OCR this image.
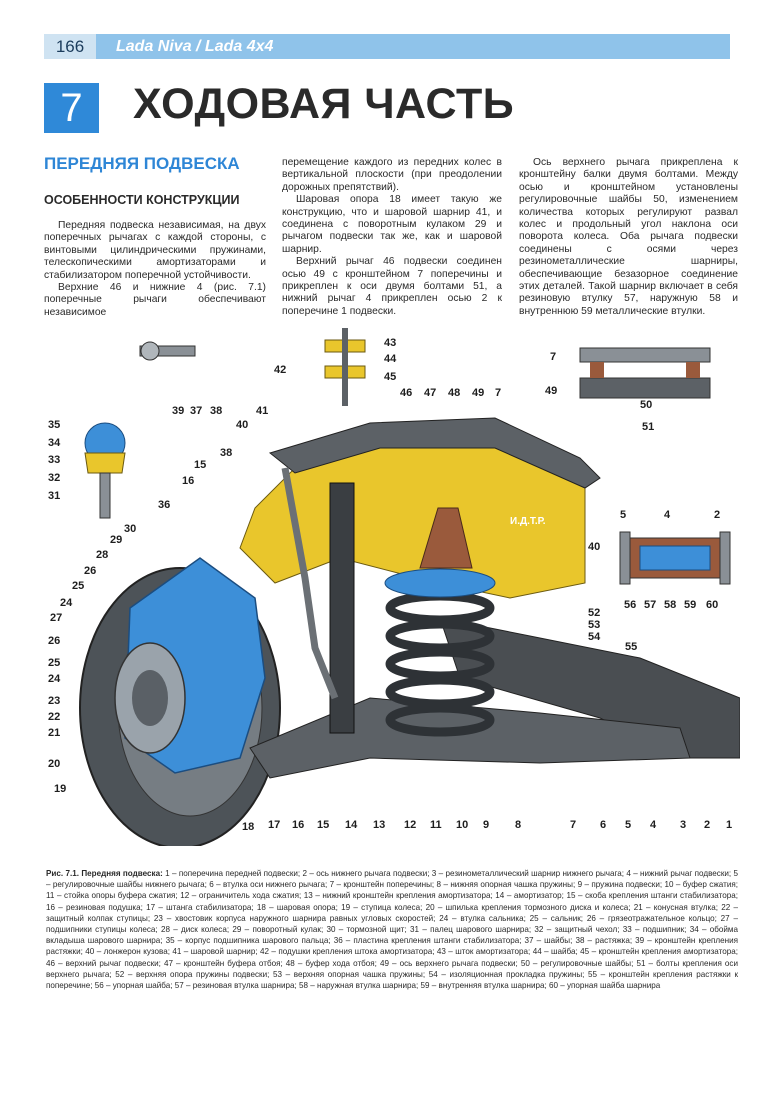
166	Lada Niva / Lada 4x4
7	ХОДОВАЯ ЧАСТЬ
ПЕРЕДНЯЯ ПОДВЕСКА
ОСОБЕННОСТИ КОНСТРУКЦИИ

Передняя подвеска независимая, на двух поперечных рычагах с каждой стороны, с винтовыми цилиндрическими пружинами, телескопическими амортизаторами и стабилизатором поперечной устойчивости.

Верхние 46 и нижние 4 (рис. 7.1) поперечные рычаги обеспечивают независимое

перемещение каждого из передних колес в вертикальной плоскости (при преодолении дорожных препятствий).

Шаровая опора 18 имеет такую же конструкцию, что и шаровой шарнир 41, и соединена с поворотным кулаком 29 и рычагом подвески так же, как и шаровой шарнир.

Верхний рычаг 46 подвески соединен осью 49 с кронштейном 7 поперечины и прикреплен к оси двумя болтами 51, а нижний рычаг 4 прикреплен осью 2 к поперечине 1 подвески.

Ось верхнего рычага прикреплена к кронштейну балки двумя болтами. Между осью и кронштейном установлены регулировочные шайбы 50, изменением количества которых регулируют развал колес и продольный угол наклона оси поворота колеса. Оба рычага подвески соединены с осями через резинометаллические шарниры, обеспечивающие безазорное соединение этих деталей. Такой шарнир включает в себя резиновую втулку 57, наружную 58 и внутреннюю 59 металлические втулки.

И.Д.Т.Р.
1
2
3
4
5
6
7
8
9
10
11
12
13
14
15
16
17
18
19
20
21
22
23
24
25
26
27
24
25
26
28
29
30
31
32
33
34
35
36
37 38
38
39
40
40
41
42
43
44
45
46 47 48 49	49
7
7
50
51
52
53
54
55
56 57 58 59 60
5	4	2
15
16
Рис. 7.1. Передняя подвеска: 1 – поперечина передней подвески; 2 – ось нижнего рычага подвески; 3 – резинометаллический шарнир нижнего рычага; 4 – нижний рычаг подвески; 5 – регулировочные шайбы нижнего рычага; 6 – втулка оси нижнего рычага; 7 – кронштейн поперечины; 8 – нижняя опорная чашка пружины; 9 – пружина подвески; 10 – буфер сжатия; 11 – стойка опоры буфера сжатия; 12 – ограничитель хода сжатия; 13 – нижний кронштейн крепления амортизатора; 14 – амортизатор; 15 – скоба крепления штанги стабилизатора; 16 – резиновая подушка; 17 – штанга стабилизатора; 18 – шаровая опора; 19 – ступица колеса; 20 – шпилька крепления тормозного диска и колеса; 21 – конусная втулка; 22 – защитный колпак ступицы; 23 – хвостовик корпуса наружного шарнира равных угловых скоростей; 24 – втулка сальника; 25 – сальник; 26 – грязеотражательное кольцо; 27 – подшипники ступицы колеса; 28 – диск колеса; 29 – поворотный кулак; 30 – тормозной щит; 31 – палец шарового шарнира; 32 – защитный чехол; 33 – подшипник; 34 – обойма вкладыша шарового шарнира; 35 – корпус подшипника шарового пальца; 36 – пластина крепления штанги стабилизатора; 37 – шайбы; 38 – растяжка; 39 – кронштейн крепления растяжки; 40 – лонжерон кузова; 41 – шаровой шарнир; 42 – подушки крепления штока амортизатора; 43 – шток амортизатора; 44 – шайба; 45 – кронштейн крепления амортизатора; 46 – верхний рычаг подвески; 47 – кронштейн буфера отбоя; 48 – буфер хода отбоя; 49 – ось верхнего рычага подвески; 50 – регулировочные шайбы; 51 – болты крепления оси верхнего рычага; 52 – верхняя опора пружины подвески; 53 – верхняя опорная чашка пружины; 54 – изоляционная прокладка пружины; 55 – кронштейн крепления растяжки к поперечине; 56 – упорная шайба; 57 – резиновая втулка шарнира; 58 – наружная втулка шарнира; 59 – внутренняя втулка шарнира; 60 – упорная шайба шарнира
